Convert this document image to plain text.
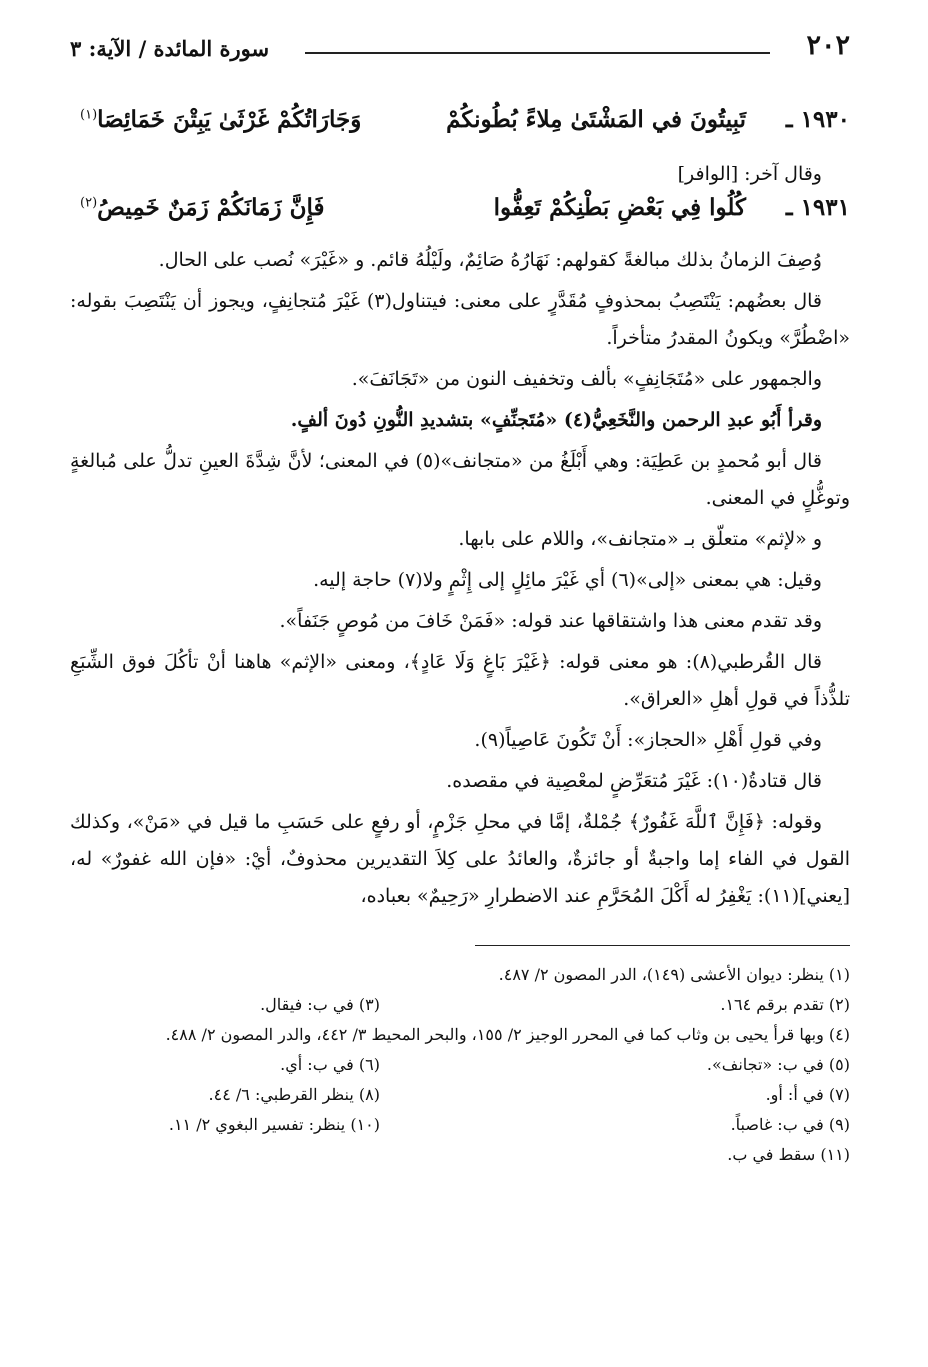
٢٠٢
سورة المائدة / الآية: ٣
١٩٣٠ ـ
تَبِيتُونَ في المَشْتَىٰ مِلاءً بُطُونكُمْ
وَجَارَاتُكُمْ غَرْثَىٰ يَبِتْنَ خَمَائِصَا$^{(١)}$
وقال آخر: [الوافر]
١٩٣١ ـ
كُلُوا فِي بَعْضِ بَطْنِكُمْ تَعِفُّوا
فَإِنَّ زَمَانَكُمْ زَمَنٌ خَمِيصُ$^{(٢)}$

وُصِفَ الزمانُ بذلك مبالغةً كقولهم: نَهَارُهُ صَائِمٌ، ولَيْلُهُ قائم. و «غَيْرَ» نُصب على الحال.

قال بعضُهم: يَنْتَصِبُ بمحذوفٍ مُقَدَّرٍ على معنى: فيتناول(٣) غَيْرَ مُتجانِفٍ، ويجوز أن يَنْتَصِبَ بقوله: «اضْطُرَّ» ويكونُ المقدرُ متأخراً.

والجمهور على «مُتَجَانِفٍ» بألف وتخفيف النون من «تَجَانَفَ».

وقرأ أَبُو عبدِ الرحمن والنَّخَعِيُّ(٤) «مُتَجنِّفٍ» بتشديدِ النُّونِ دُونَ ألفٍ.

قال أبو مُحمدٍ بن عَطِيَة: وهي أَبْلَغُ من «متجانف»(٥) في المعنى؛ لأنَّ شِدَّةَ العينِ تدلُّ على مُبالغةٍ وتوغُّلٍ في المعنى.

و «لإثم» متعلّق بـ «متجانف»، واللام على بابها.

وقيل: هي بمعنى «إلى»(٦) أي غَيْرَ مائِلٍ إلى إِثْمٍ ولا(٧) حاجة إليه.

وقد تقدم معنى هذا واشتقاقها عند قوله: «فَمَنْ خَافَ من مُوصٍ جَنَفاً».

قال القُرطبي(٨): هو معنى قوله: ﴿غَيْرَ بَاغٍ وَلَا عَادٍ﴾، ومعنى «الإثم» هاهنا أنْ تأكُلَ فوق الشِّبَعِ تلذُّذاً في قولِ أهلِ «العراق».

وفي قولِ أَهْلِ «الحجاز»: أَنْ تَكُونَ عَاصِياً(٩).

قال قتادةُ(١٠): غَيْرَ مُتعَرِّضٍ لمعْصِية في مقصده.

وقوله: ﴿فَإِنَّ ٱللَّهَ غَفُورٌ﴾ جُمْلةٌ، إمَّا في محلِ جَزْمٍ، أو رفعٍ على حَسَبِ ما قيل في «مَنْ»، وكذلك القول في الفاء إما واجبةٌ أو جائزةٌ، والعائدُ على كِلاَ التقديرين محذوفٌ، أيْ: «فإن الله غفورٌ» له، [يعني](١١): يَغْفِرُ له أَكْلَ المُحَرَّمِ عند الاضطرارِ «رَحِيمٌ» بعباده،

(١) ينظر: ديوان الأعشى (١٤٩)، الدر المصون ٢/ ٤٨٧.
(٢) تقدم برقم ١٦٤.
(٣) في ب: فيقال.
(٤) وبها قرأ يحيى بن وثاب كما في المحرر الوجيز ٢/ ١٥٥، والبحر المحيط ٣/ ٤٤٢، والدر المصون ٢/ ٤٨٨.
(٥) في ب: «تجانف».
(٦) في ب: أي.
(٧) في أ: أو.
(٨) ينظر القرطبي: ٦/ ٤٤.
(٩) في ب: غاصباً.
(١٠) ينظر: تفسير البغوي ٢/ ١١.
(١١) سقط في ب.
